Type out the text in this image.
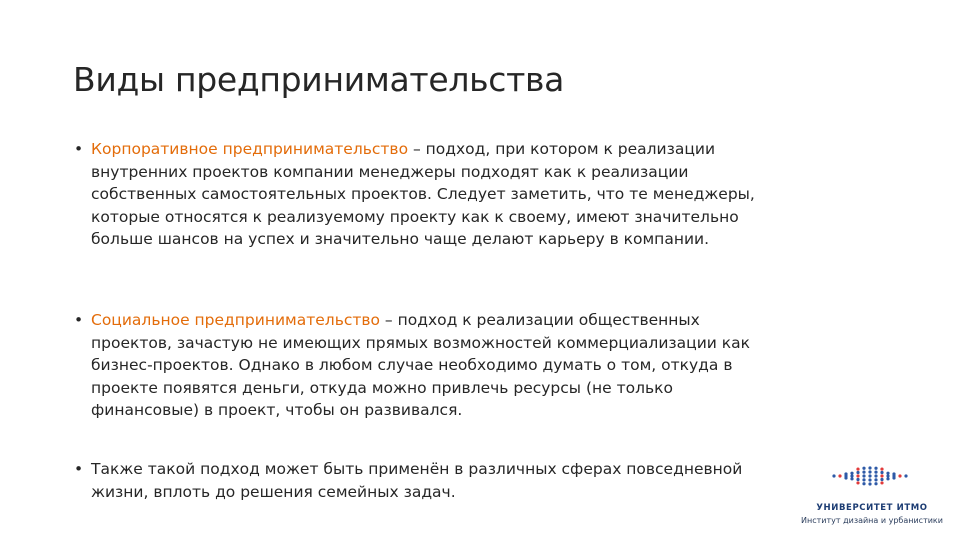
Виды предпринимательства
• Корпоративное предпринимательство – подход, при котором к реализации внутренних проектов компании менеджеры подходят как к реализации собственных самостоятельных проектов. Следует заметить, что те менеджеры, которые относятся к реализуемому проекту как к своему, имеют значительно больше шансов на успех и значительно чаще делают карьеру в компании.
• Социальное предпринимательство – подход к реализации общественных проектов, зачастую не имеющих прямых возможностей коммерциализации как бизнес-проектов. Однако в любом случае необходимо думать о том, откуда в проекте появятся деньги, откуда можно привлечь ресурсы (не только финансовые) в проект, чтобы он развивался.
• Также такой подход может быть применён в различных сферах повседневной жизни, вплоть до решения семейных задач.
УНИВЕРСИТЕТ ИТМО
Институт дизайна и урбанистики
